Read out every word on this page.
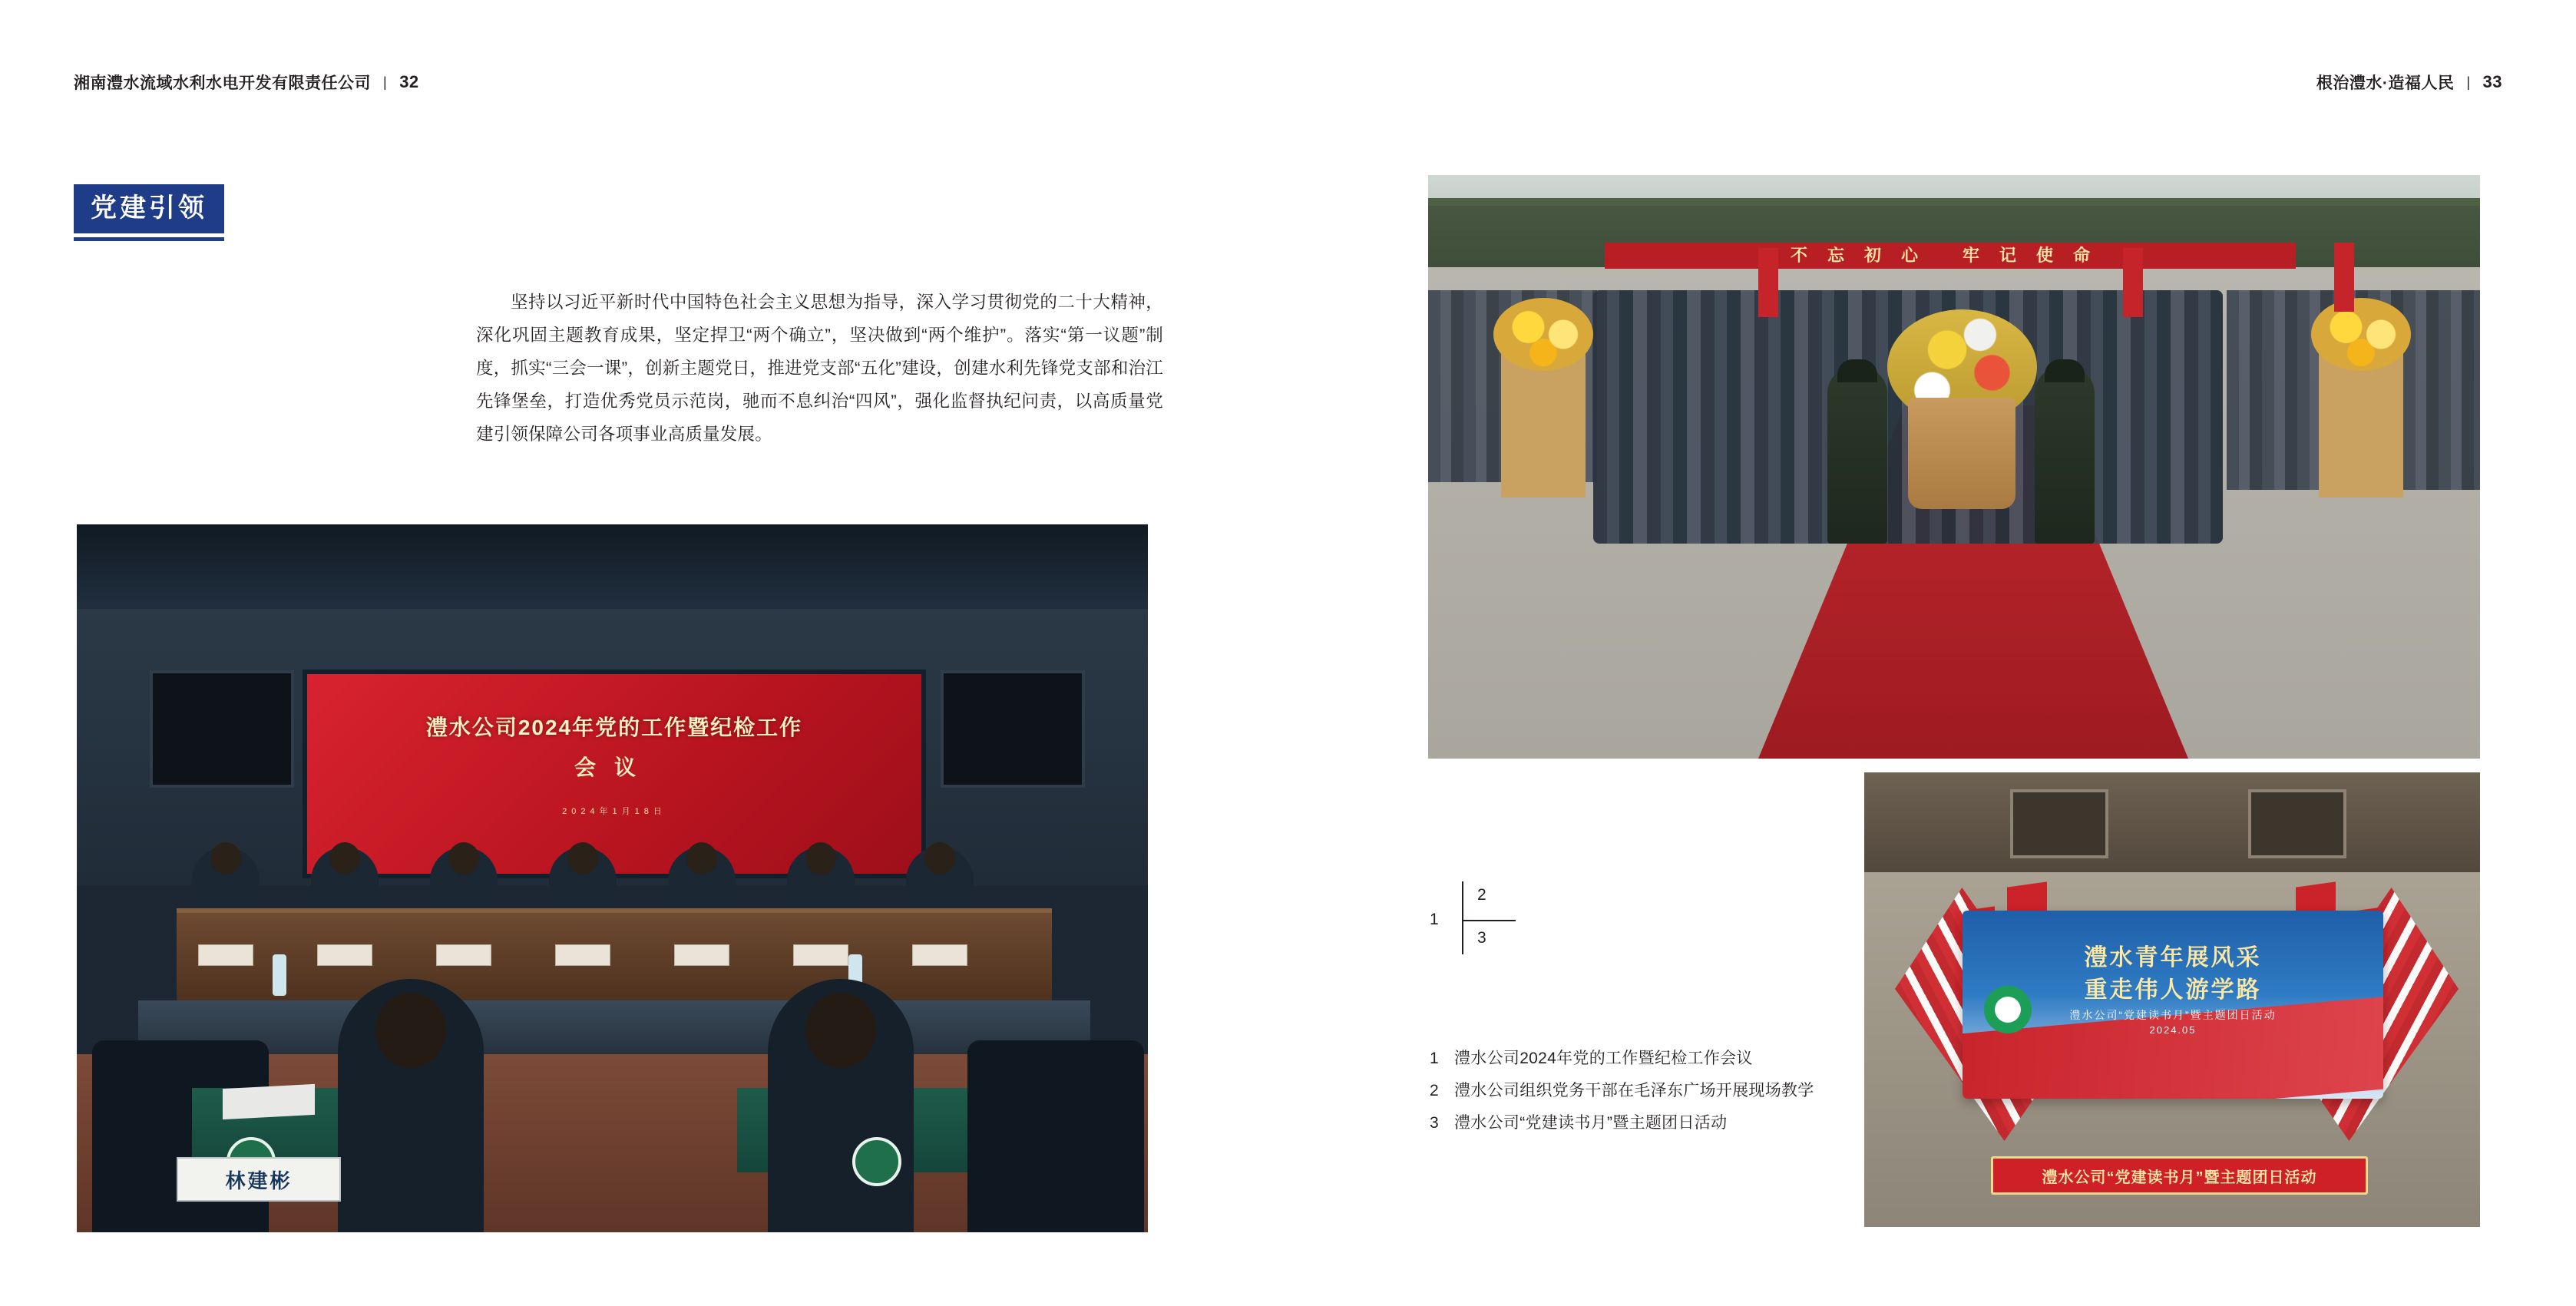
湘南澧水流域水利水电开发有限责任公司 | 32	根治澧水·造福人民 | 33
党建引领
坚持以习近平新时代中国特色社会主义思想为指导，深入学习贯彻党的二十大精神，深化巩固主题教育成果，坚定捍卫“两个确立”，坚决做到“两个维护”。落实“第一议题”制度，抓实“三会一课”，创新主题党日，推进党支部“五化”建设，创建水利先锋党支部和治江先锋堡垒，打造优秀党员示范岗，驰而不息纠治“四风”，强化监督执纪问责，以高质量党建引领保障公司各项事业高质量发展。
澧水公司2024年党的工作暨纪检工作
会议
2024年1月18日
林建彬
不忘初心 牢记使命
澧水青年展风采
重走伟人游学路
澧水公司“党建读书月”暨主题团日活动
2024.05
澧水公司“党建读书月”暨主题团日活动
1
2
3
1 澧水公司2024年党的工作暨纪检工作会议
2 澧水公司组织党务干部在毛泽东广场开展现场教学
3 澧水公司“党建读书月”暨主题团日活动
